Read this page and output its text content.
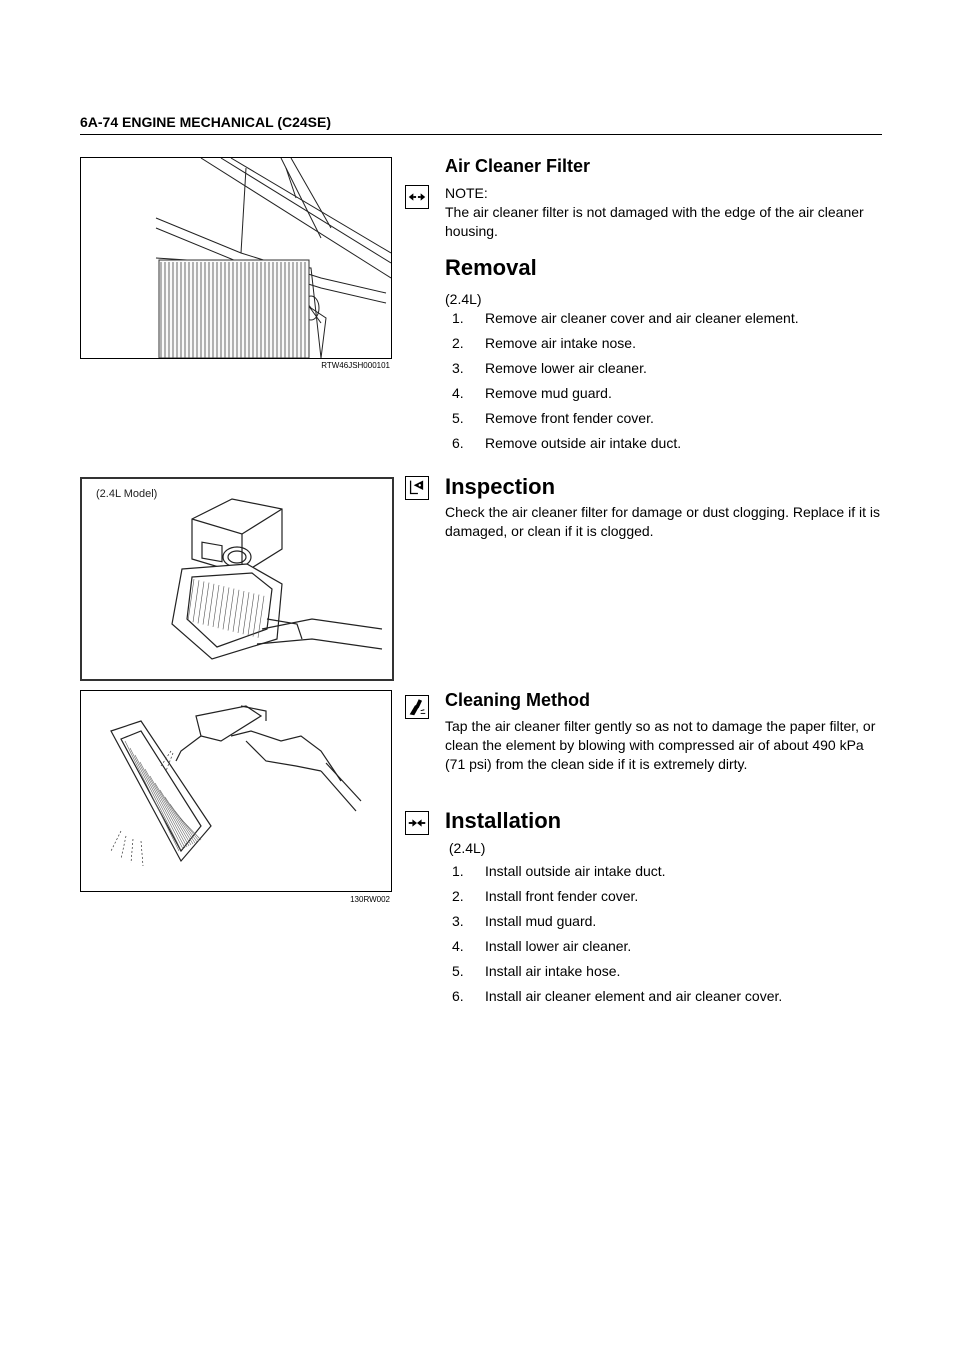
6A-74 ENGINE MECHANICAL (C24SE)
RTW46JSH000101
(2.4L Model)
130RW002
Air Cleaner Filter
NOTE:
The air cleaner filter is not damaged with the edge of the air cleaner housing.
Removal
(2.4L)
1. Remove air cleaner cover and air cleaner element.
2. Remove air intake nose.
3. Remove lower air cleaner.
4. Remove mud guard.
5. Remove front fender cover.
6. Remove outside air intake duct.
Inspection
Check the air cleaner filter for damage or dust clogging. Replace if it is damaged, or clean if it is clogged.
Cleaning Method
Tap the air cleaner filter gently so as not to damage the paper filter, or clean the element by blowing with compressed air of about 490 kPa (71 psi) from the clean side if it is extremely dirty.
Installation
(2.4L)
1. Install outside air intake duct.
2. Install front fender cover.
3. Install mud guard.
4. Install lower air cleaner.
5. Install air intake hose.
6. Install air cleaner element and air cleaner cover.
